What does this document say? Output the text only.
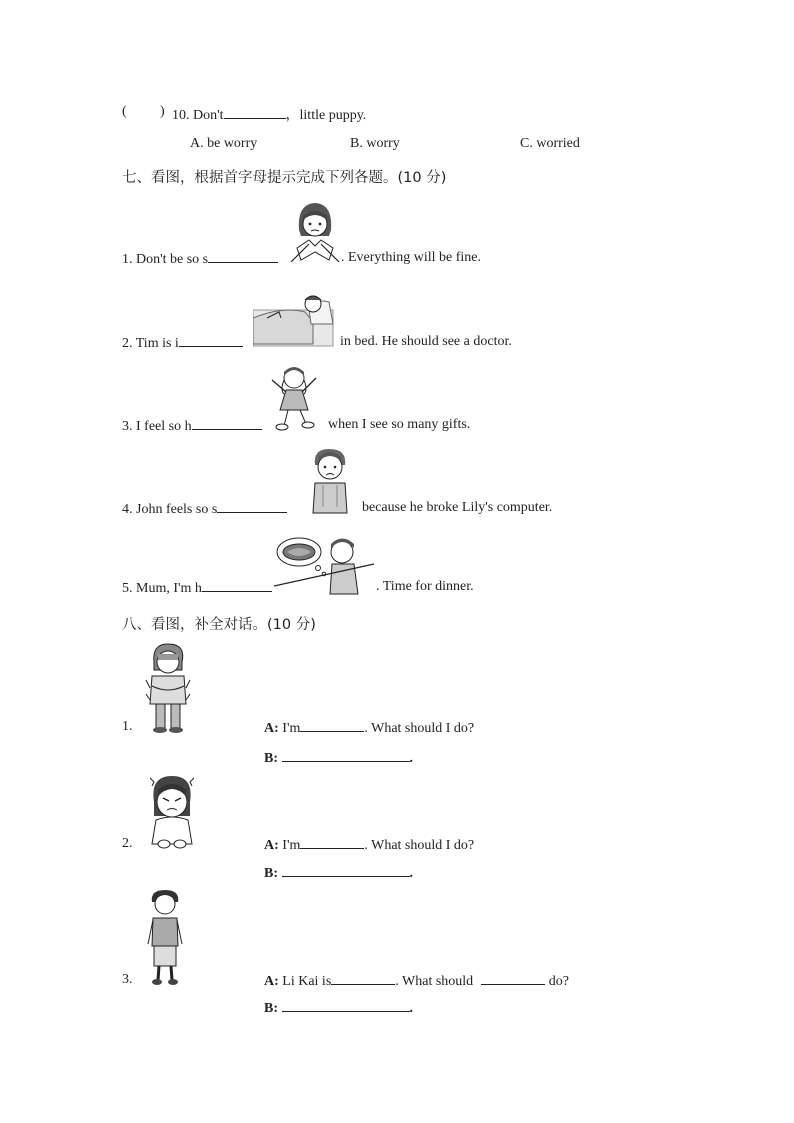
( ) 10. Don't	，little puppy.
A. be worry	B. worry	C. worried
七、看图，根据首字母提示完成下列各题。(10 分)
1. Don't be so s	. Everything will be fine.
2. Tim is i	in bed. He should see a doctor.
3. I feel so h	when I see so many gifts.
4. John feels so s	because he broke Lily's computer.
5. Mum, I'm h	. Time for dinner.
八、看图，补全对话。(10 分)
1.	A: I'm	. What should I do?
B:	.
2.	A: I'm	. What should I do?
B:	.
3.	A: Li Kai is	. What should	do?
B:	.
